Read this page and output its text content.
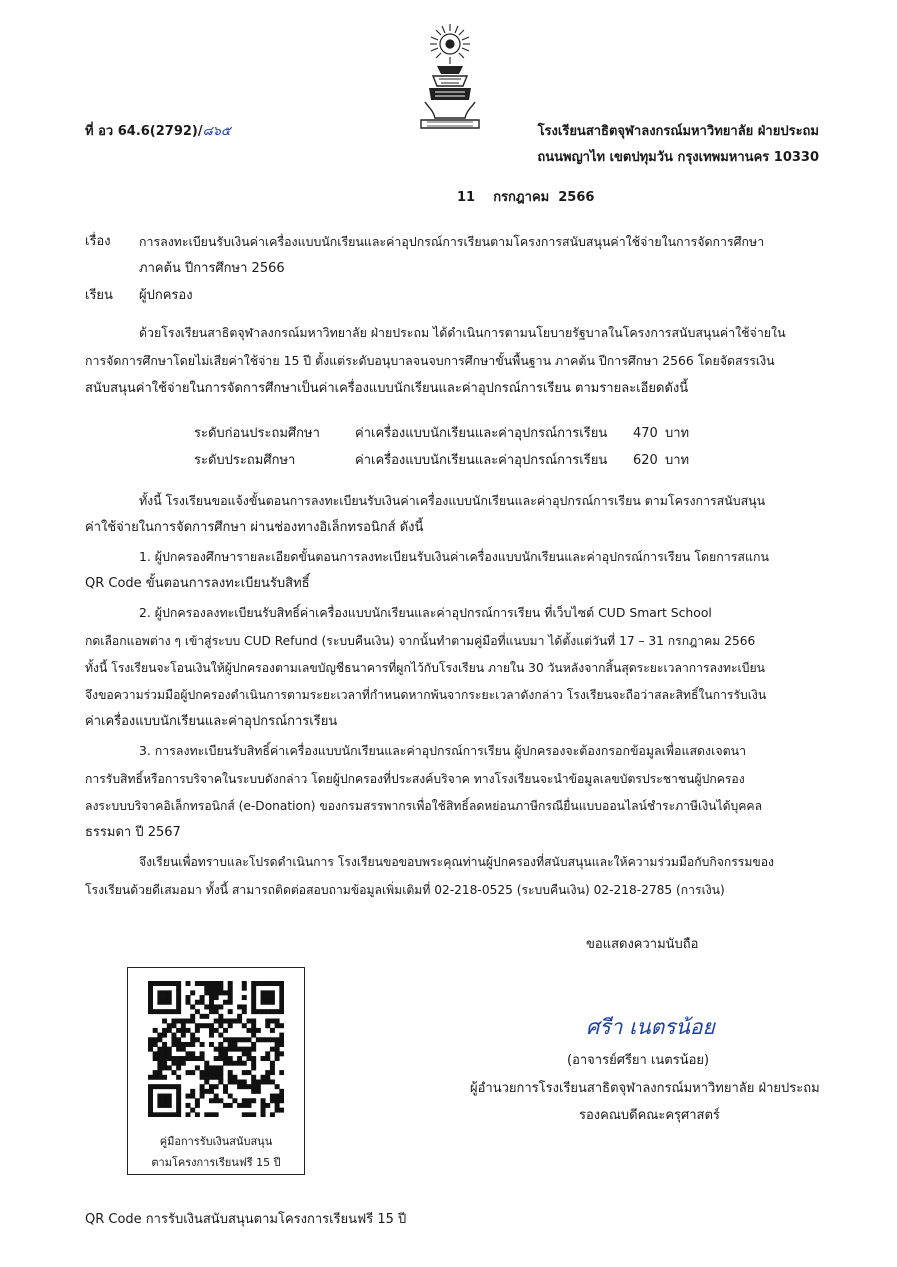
ที่ อว 64.6(2792)/๘๖๕	โรงเรียนสาธิตจุฬาลงกรณ์มหาวิทยาลัย ฝ่ายประถม
ถนนพญาไท เขตปทุมวัน กรุงเทพมหานคร 10330
11    กรกฎาคม  2566
เรื่อง การลงทะเบียนรับเงินค่าเครื่องแบบนักเรียนและค่าอุปกรณ์การเรียนตามโครงการสนับสนุนค่าใช้จ่ายในการจัดการศึกษา
ภาคต้น ปีการศึกษา 2566
เรียน ผู้ปกครอง
ด้วยโรงเรียนสาธิตจุฬาลงกรณ์มหาวิทยาลัย ฝ่ายประถม ได้ดำเนินการตามนโยบายรัฐบาลในโครงการสนับสนุนค่าใช้จ่ายใน
การจัดการศึกษาโดยไม่เสียค่าใช้จ่าย 15 ปี ตั้งแต่ระดับอนุบาลจนจบการศึกษาขั้นพื้นฐาน ภาคต้น ปีการศึกษา 2566 โดยจัดสรรเงิน
สนับสนุนค่าใช้จ่ายในการจัดการศึกษาเป็นค่าเครื่องแบบนักเรียนและค่าอุปกรณ์การเรียน ตามรายละเอียดดังนี้
ระดับก่อนประถมศึกษา	ค่าเครื่องแบบนักเรียนและค่าอุปกรณ์การเรียน 470 บาท
ระดับประถมศึกษา	ค่าเครื่องแบบนักเรียนและค่าอุปกรณ์การเรียน 620 บาท
ทั้งนี้ โรงเรียนขอแจ้งขั้นตอนการลงทะเบียนรับเงินค่าเครื่องแบบนักเรียนและค่าอุปกรณ์การเรียน ตามโครงการสนับสนุน
ค่าใช้จ่ายในการจัดการศึกษา ผ่านช่องทางอิเล็กทรอนิกส์ ดังนี้
1. ผู้ปกครองศึกษารายละเอียดขั้นตอนการลงทะเบียนรับเงินค่าเครื่องแบบนักเรียนและค่าอุปกรณ์การเรียน โดยการสแกน
QR Code ขั้นตอนการลงทะเบียนรับสิทธิ์
2. ผู้ปกครองลงทะเบียนรับสิทธิ์ค่าเครื่องแบบนักเรียนและค่าอุปกรณ์การเรียน ที่เว็บไซต์ CUD Smart School
กดเลือกแอพต่าง ๆ เข้าสู่ระบบ CUD Refund (ระบบคืนเงิน) จากนั้นทำตามคู่มือที่แนบมา ได้ตั้งแต่วันที่ 17 – 31 กรกฎาคม 2566
ทั้งนี้ โรงเรียนจะโอนเงินให้ผู้ปกครองตามเลขบัญชีธนาคารที่ผูกไว้กับโรงเรียน ภายใน 30 วันหลังจากสิ้นสุดระยะเวลาการลงทะเบียน
จึงขอความร่วมมือผู้ปกครองดำเนินการตามระยะเวลาที่กำหนดหากพ้นจากระยะเวลาดังกล่าว โรงเรียนจะถือว่าสละสิทธิ์ในการรับเงิน
ค่าเครื่องแบบนักเรียนและค่าอุปกรณ์การเรียน
3. การลงทะเบียนรับสิทธิ์ค่าเครื่องแบบนักเรียนและค่าอุปกรณ์การเรียน ผู้ปกครองจะต้องกรอกข้อมูลเพื่อแสดงเจตนา
การรับสิทธิ์หรือการบริจาคในระบบดังกล่าว โดยผู้ปกครองที่ประสงค์บริจาค ทางโรงเรียนจะนำข้อมูลเลขบัตรประชาชนผู้ปกครอง
ลงระบบบริจาคอิเล็กทรอนิกส์ (e-Donation) ของกรมสรรพากรเพื่อใช้สิทธิ์ลดหย่อนภาษีกรณียื่นแบบออนไลน์ชำระภาษีเงินได้บุคคล
ธรรมดา ปี 2567
จึงเรียนเพื่อทราบและโปรดดำเนินการ โรงเรียนขอขอบพระคุณท่านผู้ปกครองที่สนับสนุนและให้ความร่วมมือกับกิจกรรมของ
โรงเรียนด้วยดีเสมอมา ทั้งนี้ สามารถติดต่อสอบถามข้อมูลเพิ่มเติมที่ 02-218-0525 (ระบบคืนเงิน) 02-218-2785 (การเงิน)
ขอแสดงความนับถือ
ศรีา เนตรน้อย
(อาจารย์ศรียา เนตรน้อย)
ผู้อำนวยการโรงเรียนสาธิตจุฬาลงกรณ์มหาวิทยาลัย ฝ่ายประถม
รองคณบดีคณะครุศาสตร์
คู่มือการรับเงินสนับสนุน
ตามโครงการเรียนฟรี 15 ปี
QR Code การรับเงินสนับสนุนตามโครงการเรียนฟรี 15 ปี
